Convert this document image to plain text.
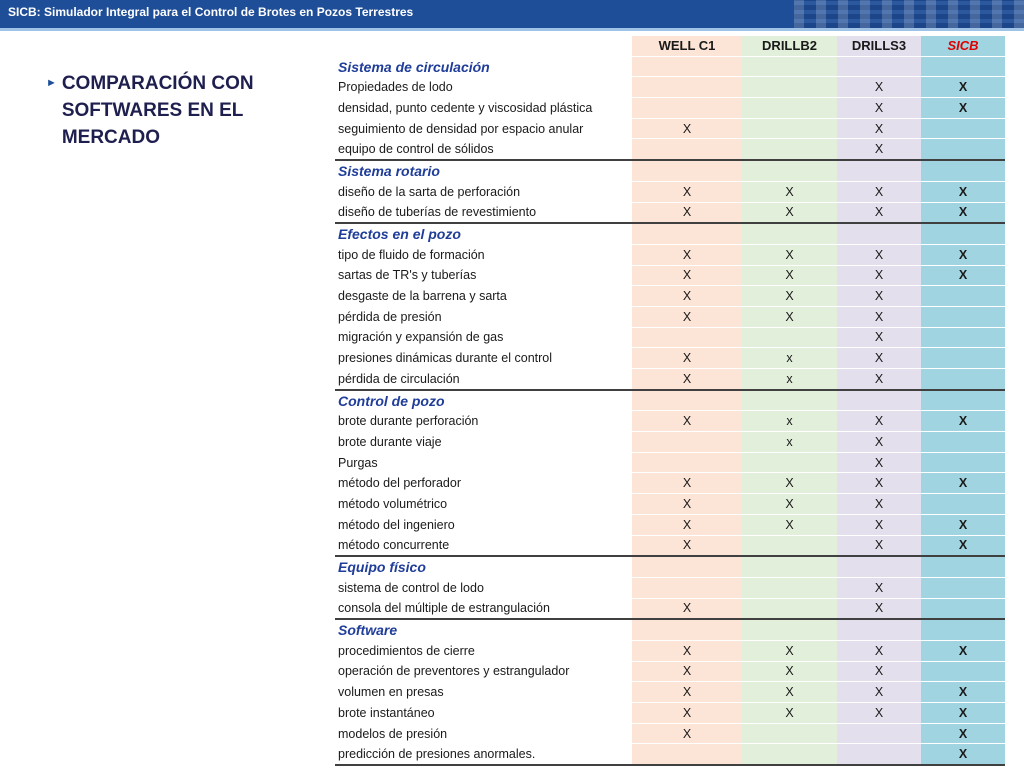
SICB: Simulador Integral para el Control de Brotes en Pozos Terrestres
► COMPARACIÓN CON SOFTWARES EN EL MERCADO
	WELL C1	DRILLB2	DRILLS3	SICB
Sistema de circulación				
Propiedades de lodo			X	X
densidad, punto cedente y viscosidad plástica			X	X
seguimiento de densidad por espacio anular	X		X	
equipo de control de sólidos			X	
Sistema rotario				
diseño de la sarta de perforación	X	X	X	X
diseño de tuberías de revestimiento	X	X	X	X
Efectos en el pozo				
tipo de fluido de formación	X	X	X	X
sartas de TR's y tuberías	X	X	X	X
desgaste de la barrena y sarta	X	X	X	
pérdida de presión	X	X	X	
migración y expansión de gas			X	
presiones dinámicas durante el control	X	x	X	
pérdida de circulación	X	x	X	
Control de pozo				
brote durante perforación	X	x	X	X
brote durante viaje		x	X	
Purgas			X	
método del perforador	X	X	X	X
método volumétrico	X	X	X	
método del ingeniero	X	X	X	X
método concurrente	X		X	X
Equipo físico				
sistema de control de lodo			X	
consola del múltiple de estrangulación	X		X	
Software				
procedimientos de cierre	X	X	X	X
operación de preventores y estrangulador	X	X	X	
volumen en presas	X	X	X	X
brote instantáneo	X	X	X	X
modelos de presión	X			X
predicción de presiones anormales.				X
